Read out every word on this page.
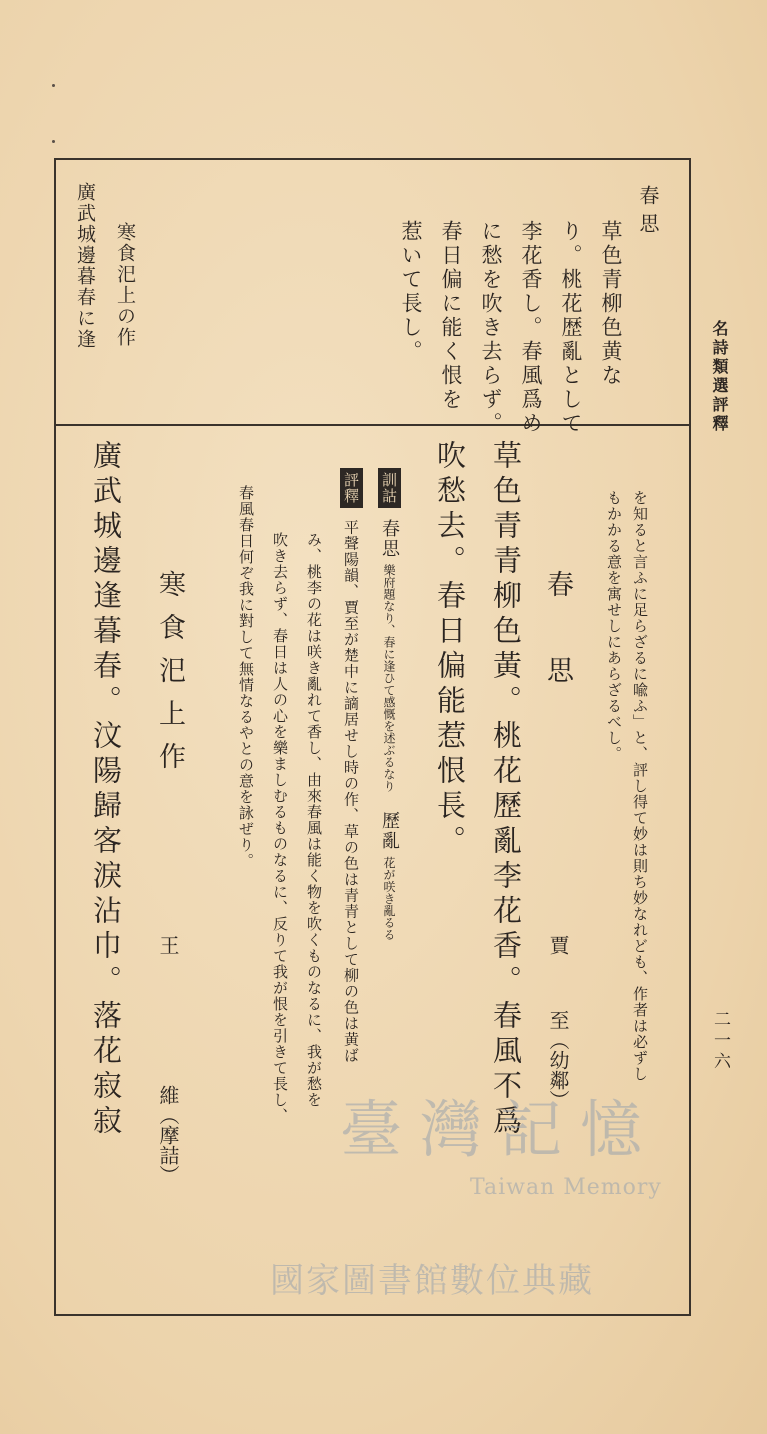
名詩類選評釋
二一六
春思
草色青柳色黄な
り。桃花歴亂として
李花香し。春風爲め
に愁を吹き去らず。
春日偏に能く恨を
惹いて長し。
寒食汜上の作
廣武城邊暮春に逢
を知ると言ふに足らざるに喩ふ」と、評し得て妙は則ち妙なれども、作者は必ずし
もかかる意を寓せしにあらざるべし。
春　思
賈
至（幼鄰）
草色青青柳色黃。桃花歷亂李花香。春風不爲
吹愁去。春日偏能惹恨長。
訓詁 春思 樂府題なり、春に逢ひて感慨を述ぶるなり 歷亂 花が咲き亂るる
評釋 平聲陽韻、賈至が楚中に謫居せし時の作、草の色は青青として柳の色は黄ば
み、桃李の花は咲き亂れて香し、由來春風は能く物を吹くものなるに、我が愁を
吹き去らず、春日は人の心を樂ましむるものなるに、反りて我が恨を引きて長し、
春風春日何ぞ我に對して無情なるやとの意を詠ぜり。
寒食汜上作
王
維（摩詰）
廣武城邊逢暮春。汶陽歸客淚沾巾。落花寂寂	臺灣記憶
Taiwan Memory
國家圖書館數位典藏
